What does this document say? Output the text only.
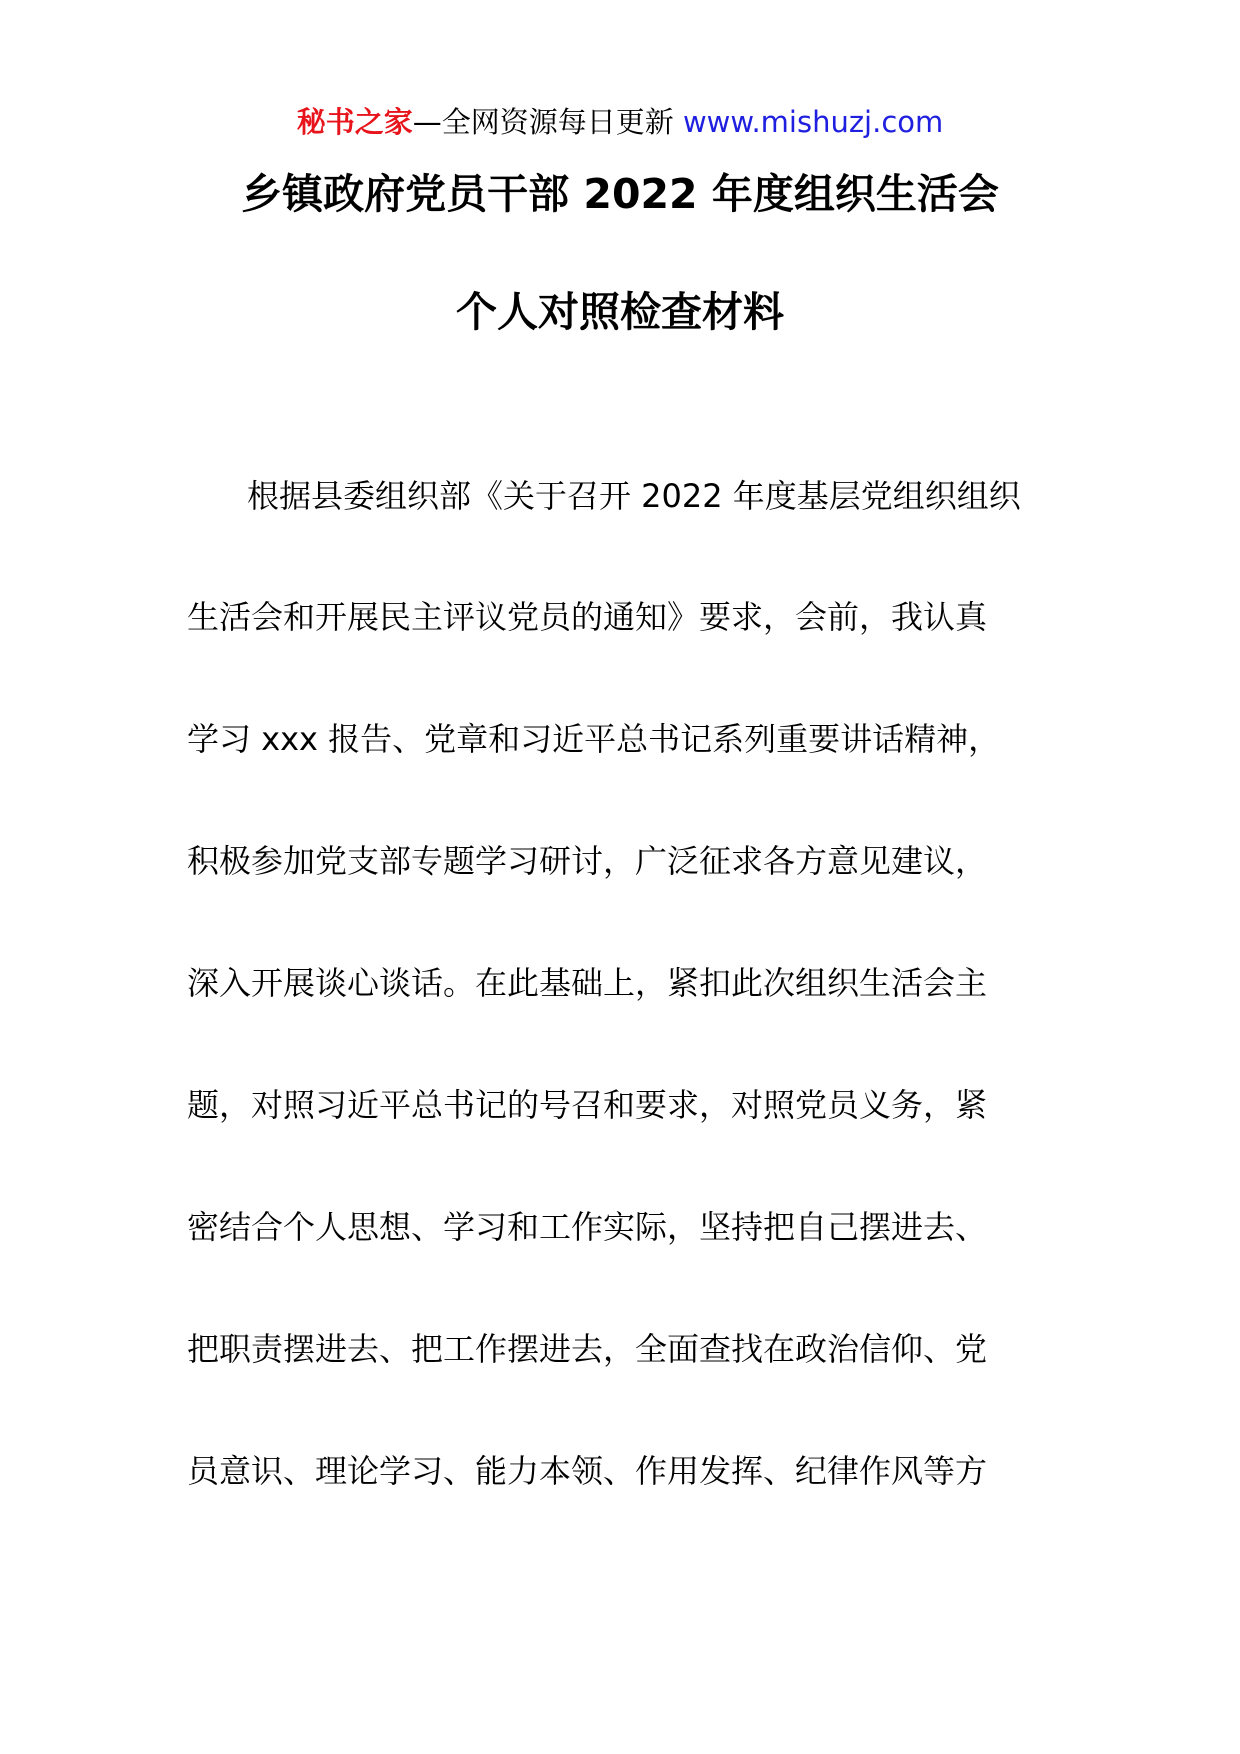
秘书之家—全网资源每日更新 www.mishuzj.com
乡镇政府党员干部 2022 年度组织生活会
个人对照检查材料
根据县委组织部《关于召开 2022 年度基层党组织组织
生活会和开展民主评议党员的通知》要求，会前，我认真
学习 xxx 报告、党章和习近平总书记系列重要讲话精神，
积极参加党支部专题学习研讨，广泛征求各方意见建议，
深入开展谈心谈话。在此基础上，紧扣此次组织生活会主
题，对照习近平总书记的号召和要求，对照党员义务，紧
密结合个人思想、学习和工作实际，坚持把自己摆进去、
把职责摆进去、把工作摆进去，全面查找在政治信仰、党
员意识、理论学习、能力本领、作用发挥、纪律作风等方
